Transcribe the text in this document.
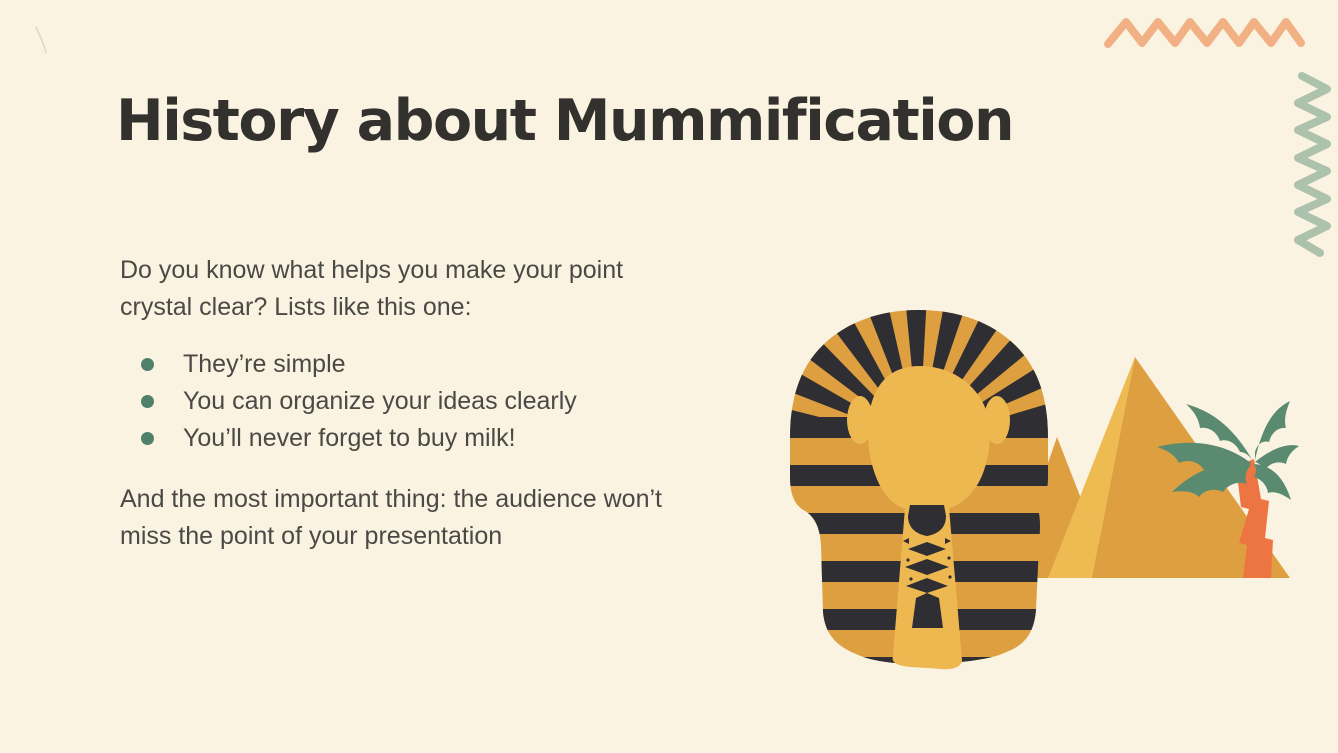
History about Mummification

Do you know what helps you make your point crystal clear? Lists like this one:

They’re simple
You can organize your ideas clearly
You’ll never forget to buy milk!

And the most important thing: the audience won’t miss the point of your presentation
